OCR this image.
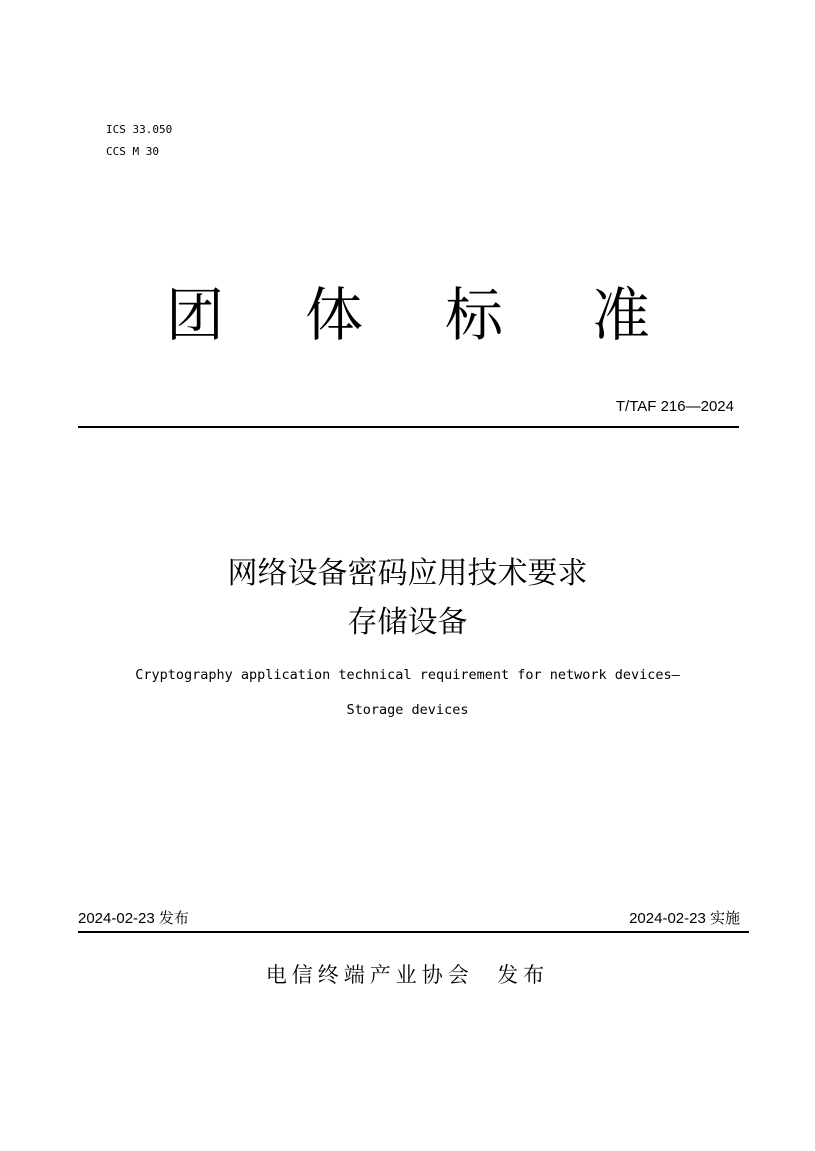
ICS 33.050
CCS M 30
团 体 标 准
T/TAF 216—2024
网络设备密码应用技术要求
存储设备
Cryptography application technical requirement for network devices—
Storage devices
2024-02-23 发布	2024-02-23 实施
电信终端产业协会  发布
